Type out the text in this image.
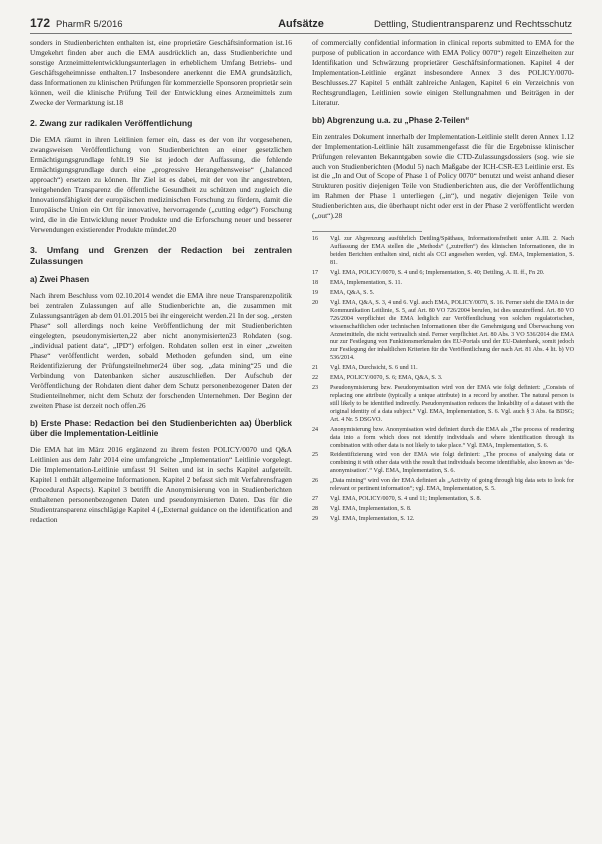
172 PharmR 5/2016	Aufsätze	Dettling, Studientransparenz und Rechtsschutz

sonders in Studienberichten enthalten ist, eine proprietäre Geschäftsinformation ist.16 Umgekehrt finden aber auch die EMA ausdrücklich an, dass Studienberichte und sonstige Arzneimittelentwicklungsunterlagen in erheblichem Umfang Betriebs- und Geschäftsgeheimnisse enthalten.17 Insbesondere anerkennt die EMA grundsätzlich, dass Informationen zu klinischen Prüfungen für kommerzielle Sponsoren proprietär sein können, weil die klinische Prüfung Teil der Entwicklung eines Arzneimittels zum Zwecke der Vermarktung ist.18

2. Zwang zur radikalen Veröffentlichung

Die EMA räumt in ihren Leitlinien ferner ein, dass es der von ihr vorgesehenen, zwangsweisen Veröffentlichung von Studienberichten an einer gesetzlichen Ermächtigungsgrundlage fehlt.19 Sie ist jedoch der Auffassung, die fehlende Ermächtigungsgrundlage durch eine „progressive Herangehensweise“ („balanced approach“) ersetzen zu können. Ihr Ziel ist es dabei, mit der von ihr angestrebten, weitgehenden Transparenz die öffentliche Gesundheit zu schützen und zugleich die Innovationsfähigkeit der europäischen medizinischen Forschung zu fördern, damit die Europäische Union ein Ort für innovative, hervorragende („cutting edge“) Forschung wird, die in die Entwicklung neuer Produkte und die Erforschung neuer und besserer Verwendungen existierender Produkte mündet.20

3. Umfang und Grenzen der Redaction bei zentralen Zulassungen
a) Zwei Phasen

Nach ihrem Beschluss vom 02.10.2014 wendet die EMA ihre neue Transparenzpolitik bei zentralen Zulassungen auf alle Studienberichte an, die zusammen mit Zulassungsanträgen ab dem 01.01.2015 bei ihr eingereicht werden.21 In der sog. „ersten Phase“ soll allerdings noch keine Veröffentlichung der mit Studienberichten eingelegten, pseudonymisierten,22 aber nicht anonymisierten23 Rohdaten (sog. „individual patient data“, „IPD“) erfolgen. Rohdaten sollen erst in einer „zweiten Phase“ veröffentlicht werden, sobald Methoden gefunden sind, um eine Reidentifizierung der Prüfungsteilnehmer24 über sog. „data mining“25 und die Verbindung von Datenbanken sicher auszuschließen. Der Aufschub der Veröffentlichung der Rohdaten dient daher dem Schutz personenbezogener Daten der Studienteilnehmer, nicht dem Schutz der forschenden Unternehmen. Der Beginn der zweiten Phase ist derzeit noch offen.26

b) Erste Phase: Redaction bei den Studienberichten aa) Überblick über die Implementation-Leitlinie

Die EMA hat im März 2016 ergänzend zu ihrem festen POLICY/0070 und Q&A Leitlinien aus dem Jahr 2014 eine umfangreiche „Implementation“ Leitlinie vorgelegt. Die Implementation-Leitlinie umfasst 91 Seiten und ist in sechs Kapitel aufgeteilt. Kapitel 1 enthält allgemeine Informationen. Kapitel 2 befasst sich mit Verfahrensfragen (Procedural Aspects). Kapitel 3 betrifft die Anonymisierung von in Studienberichten enthaltenen personenbezogenen Daten und pseudonymisierten Daten. Das für die Studientransparenz einschlägige Kapitel 4 („External guidance on the identification and redaction

of commercially confidential information in clinical reports submitted to EMA for the purpose of publication in accordance with EMA Policy 0070“) regelt Einzelheiten zur Identifikation und Schwärzung proprietärer Geschäftsinformationen. Kapitel 4 der Implementation-Leitlinie ergänzt insbesondere Annex 3 des POLICY/0070-Beschlusses.27 Kapitel 5 enthält zahlreiche Anlagen, Kapitel 6 ein Verzeichnis von Rechtsgrundlagen, Leitlinien sowie einigen Stellungnahmen und Beiträgen in der Literatur.

bb) Abgrenzung u.a. zu „Phase 2-Teilen“

Ein zentrales Dokument innerhalb der Implementation-Leitlinie stellt deren Annex 1.12 der Implementation-Leitlinie hält zusammengefasst die für die Ergebnisse klinischer Prüfungen relevanten Bekanntgaben sowie die CTD-Zulassungsdossiers (sog. wie sie auch von Studienberichten (Modul 5) nach Maßgabe der ICH-CSR-E3 Leitlinie erst. Es ist die „In and Out of Scope of Phase 1 of Policy 0070“ benutzt und weist anhand dieser Strukturen positiv diejenigen Teile von Studienberichten aus, die der Veröffentlichung im Rahmen der Phase 1 unterliegen („in“), und negativ diejenigen Teile von Studienberichten aus, die überhaupt nicht oder erst in der Phase 2 veröffentlicht werden („out“).28

16	Vgl. zur Abgrenzung ausführlich Dettling/Späthaus, Informationsfreiheit unter A.III. 2. Nach Auffassung der EMA stellen die „Methods“ („zutreffen“) des klinischen Informationen, die in beiden Berichten enthalten sind, nicht als CCI angesehen werden, vgl. EMA, Implementation, S. 81.
17	Vgl. EMA, POLICY/0070, S. 4 und 6; Implementation, S. 40; Dettling, A. II. ff., Fn 20.
18	EMA, Implementation, S. 11.
19	EMA, Q&A, S. 5.
20	Vgl. EMA, Q&A, S. 3, 4 und 6. Vgl. auch EMA, POLICY/0070, S. 16. Ferner sieht die EMA in der Kommunikation Leitlinie, S. 5, auf Art. 80 VO 726/2004 berufen, ist dies unzutreffend. Art. 80 VO 726/2004 verpflichtet die EMA lediglich zur Veröffentlichung von solchen regulatorischen, wissenschaftlichen oder technischen Informationen über die Genehmigung und Überwachung von Arzneimitteln, die nicht vertraulich sind. Ferner verpflichtet Art. 80 Abs. 3 VO 536/2014 die EMA nur zur Festlegung von Funktionsmerkmalen des EU-Portals und der EU-Datenbank, somit jedoch zur Festlegung der inhaltlichen Kriterien für die Veröffentlichung der nach Art. 81 Abs. 4 lit. b) VO 536/2014.
21	Vgl. EMA, Durchsicht, S. 6 und 11.
22	EMA, POLICY/0070, S. 6; EMA, Q&A, S. 3.
23	Pseudonymisierung bzw. Pseudonymisation wird von der EMA wie folgt definiert: „Consists of replacing one attribute (typically a unique attribute) in a record by another. The natural person is still likely to be identified indirectly. Pseudonymisation reduces the linkability of a dataset with the original identity of a data subject.“ Vgl. EMA, Implementation, S. 6. Vgl. auch § 3 Abs. 6a BDSG; Art. 4 Nr. 5 DSGVO.
24	Anonymisierung bzw. Anonymisation wird definiert durch die EMA als „The process of rendering data into a form which does not identify individuals and where identification through its combination with other data is not likely to take place.“ Vgl. EMA, Implementation, S. 6.
25	Reidentifizierung wird von der EMA wie folgt definiert: „The process of analysing data or combining it with other data with the result that individuals become identifiable, also known as ‘de-anonymisation’.“ Vgl. EMA, Implementation, S. 6.
26	„Data mining“ wird von der EMA definiert als „Activity of going through big data sets to look for relevant or pertinent information“; vgl. EMA, Implementation, S. 5.
27	Vgl. EMA, POLICY/0070, S. 4 und 11; Implementation, S. 8.
28	Vgl. EMA, Implementation, S. 8.
29	Vgl. EMA, Implementation, S. 12.
